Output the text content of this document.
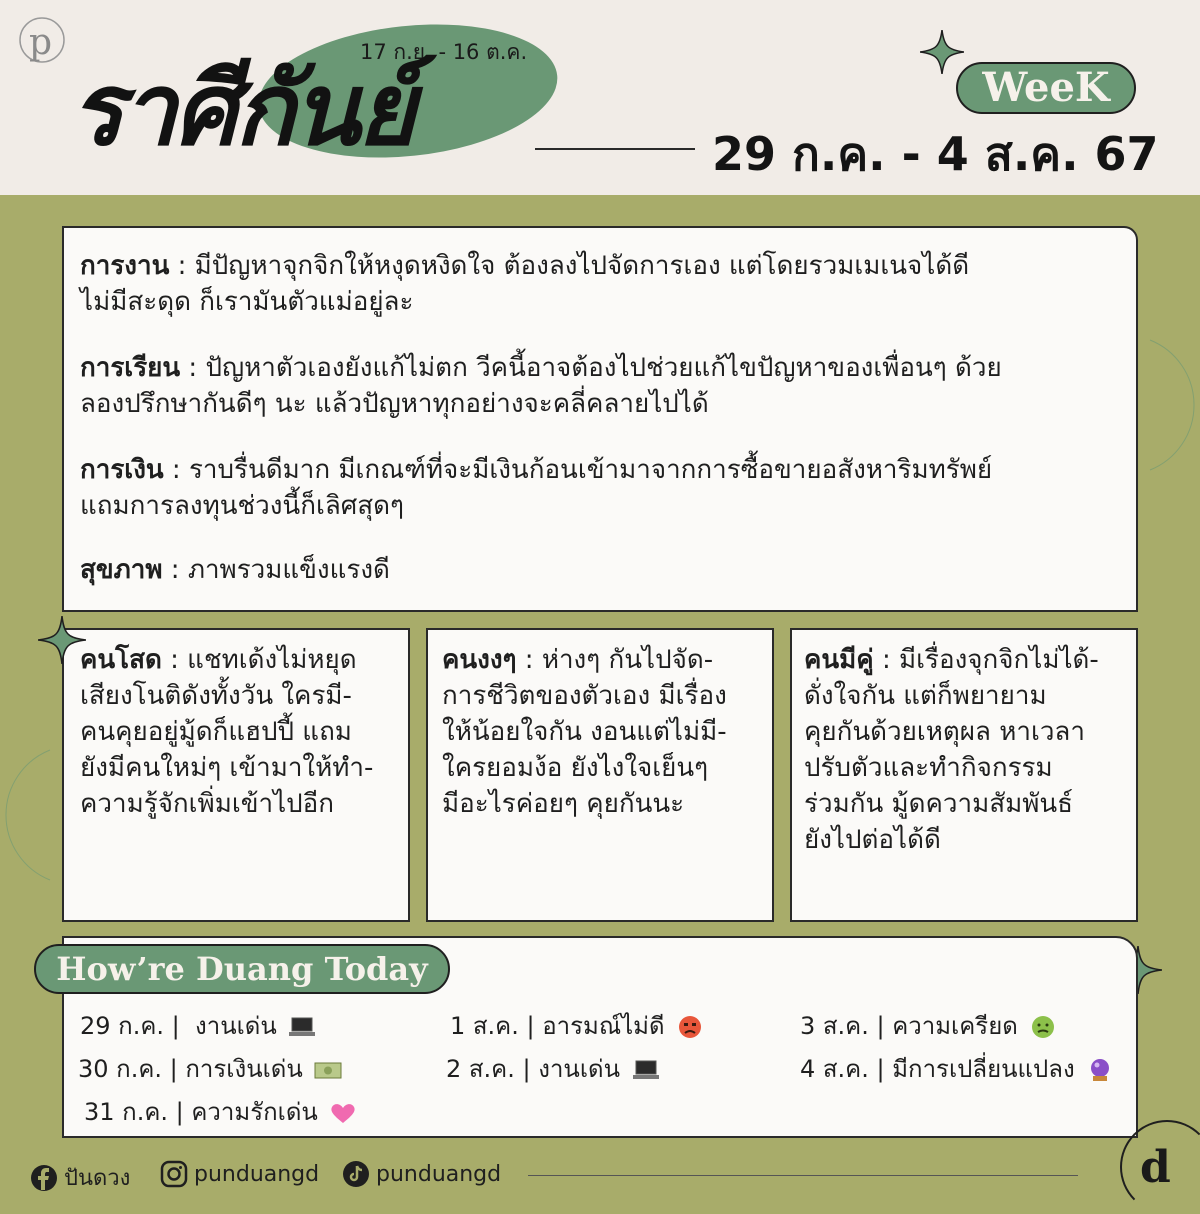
p	17 ก.ย. - 16 ต.ค.
ราศีกันย์	WeeK
29 ก.ค. - 4 ส.ค. 67
การงาน : มีปัญหาจุกจิกให้หงุดหงิดใจ ต้องลงไปจัดการเอง แต่โดยรวมเมเนจได้ดี
ไม่มีสะดุด ก็เรามันตัวแม่อยู่ละ
การเรียน : ปัญหาตัวเองยังแก้ไม่ตก วีคนี้อาจต้องไปช่วยแก้ไขปัญหาของเพื่อนๆ ด้วย
ลองปรึกษากันดีๆ นะ แล้วปัญหาทุกอย่างจะคลี่คลายไปได้
การเงิน : ราบรื่นดีมาก มีเกณฑ์ที่จะมีเงินก้อนเข้ามาจากการซื้อขายอสังหาริมทรัพย์
แถมการลงทุนช่วงนี้ก็เลิศสุดๆ
สุขภาพ : ภาพรวมแข็งแรงดี
คนโสด : แชทเด้งไม่หยุด
เสียงโนติดังทั้งวัน ใครมี-
คนคุยอยู่มู้ดก็แฮปปี้ แถม
ยังมีคนใหม่ๆ เข้ามาให้ทำ-
ความรู้จักเพิ่มเข้าไปอีก
คนงงๆ : ห่างๆ กันไปจัด-
การชีวิตของตัวเอง มีเรื่อง
ให้น้อยใจกัน งอนแต่ไม่มี-
ใครยอมง้อ ยังไงใจเย็นๆ
มีอะไรค่อยๆ คุยกันนะ
คนมีคู่ : มีเรื่องจุกจิกไม่ได้-
ดั่งใจกัน แต่ก็พยายาม
คุยกันด้วยเหตุผล หาเวลา
ปรับตัวและทำกิจกรรม
ร่วมกัน มู้ดความสัมพันธ์
ยังไปต่อได้ดี
How’re Duang Today
29 ก.ค. | งานเด่น
30 ก.ค. | การเงินเด่น
31 ก.ค. | ความรักเด่น
1 ส.ค. | อารมณ์ไม่ดี
2 ส.ค. | งานเด่น
3 ส.ค. | ความเครียด
4 ส.ค. | มีการเปลี่ยนแปลง
ปันดวง	punduangd	punduangd	d
